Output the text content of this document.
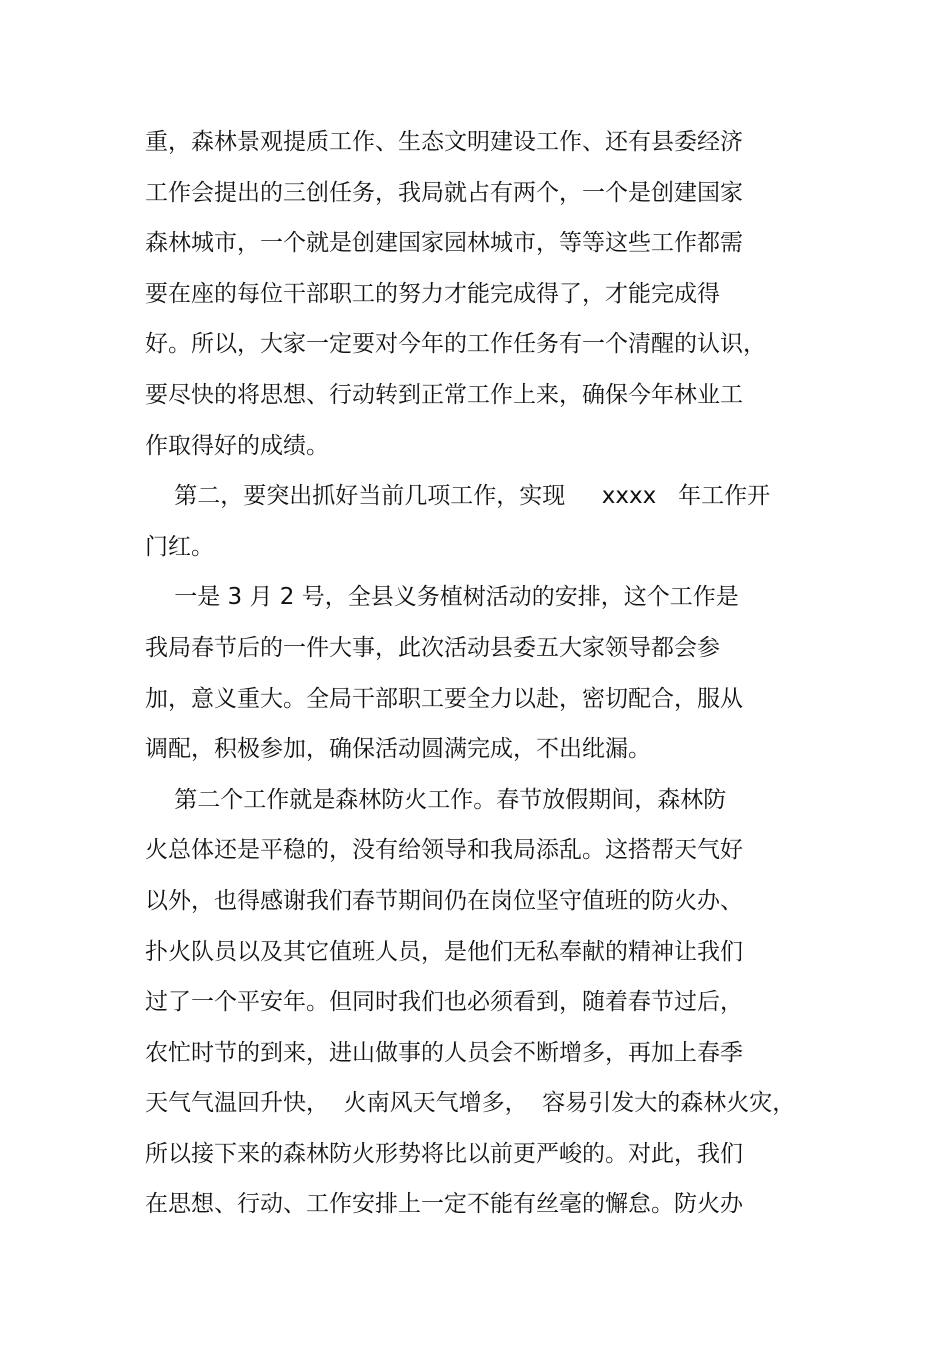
重，森林景观提质工作、生态文明建设工作、还有县委经济
工作会提出的三创任务，我局就占有两个，一个是创建国家
森林城市，一个就是创建国家园林城市，等等这些工作都需
要在座的每位干部职工的努力才能完成得了，才能完成得
好。所以，大家一定要对今年的工作任务有一个清醒的认识，
要尽快的将思想、行动转到正常工作上来，确保今年林业工
作取得好的成绩。
第二，要突出抓好当前几项工作，实现     xxxx   年工作开
门红。
一是 3 月 2 号，全县义务植树活动的安排，这个工作是
我局春节后的一件大事，此次活动县委五大家领导都会参
加，意义重大。全局干部职工要全力以赴，密切配合，服从
调配，积极参加，确保活动圆满完成，不出纰漏。
第二个工作就是森林防火工作。春节放假期间，森林防
火总体还是平稳的，没有给领导和我局添乱。这搭帮天气好
以外，也得感谢我们春节期间仍在岗位坚守值班的防火办、
扑火队员以及其它值班人员，是他们无私奉献的精神让我们
过了一个平安年。但同时我们也必须看到，随着春节过后，
农忙时节的到来，进山做事的人员会不断增多，再加上春季
天气气温回升快，  火南风天气增多，  容易引发大的森林火灾，
所以接下来的森林防火形势将比以前更严峻的。对此，我们
在思想、行动、工作安排上一定不能有丝毫的懈怠。防火办
